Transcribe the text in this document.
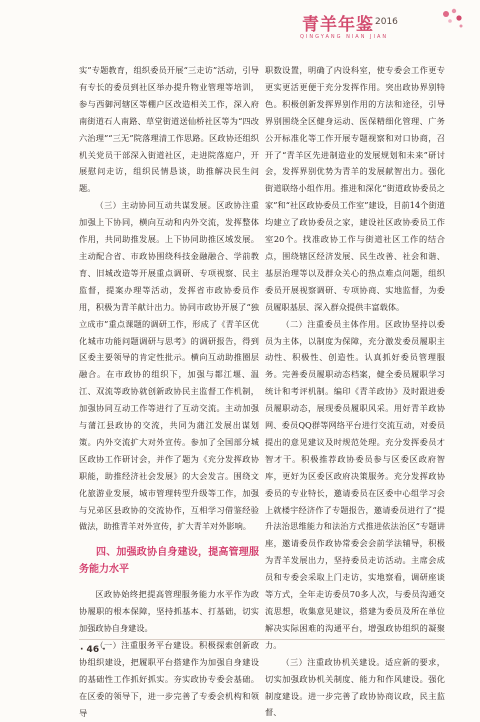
青羊年鉴 2016
QINGYANG NIAN JIAN

实”专题教育，组织委员开展“三走访”活动，引导有专长的委员到社区举办提升物业管理等培训，参与西御河辖区等棚户区改造相关工作，深入府南街道石人南路、草堂街道送仙桥社区等为“四改六治理”“三无”院落理清工作思路。区政协还组织机关党员干部深入街道社区，走进院落庭户，开展慰问走访，组织民情恳谈，助推解决民生问题。

（三）主动协同互动共谋发展。区政协注重加强上下协同，横向互动和内外交流，发挥整体作用，共同助推发展。上下协同助推区域发展。主动配合省、市政协围绕科技金融融合、学前教育、旧城改造等开展重点调研、专项视察、民主监督，提案办理等活动，发挥省市政协委员作用，积极为青羊献计出力。协同市政协开展了“独立成市”重点课题的调研工作，形成了《青羊区优化城市功能问题调研与思考》的调研报告，得到区委主要领导的肯定性批示。横向互动助推圈层融合。在市政协的组织下，加强与都江堰、温江、双流等政协就创新政协民主监督工作机制，加强协同互动工作等进行了互动交流。主动加强与蒲江县政协的交流，共同为蒲江发展出谋划策。内外交流扩大对外宣传。参加了全国部分城区政协工作研讨会，并作了题为《充分发挥政协职能，助推经济社会发展》的大会发言。围绕文化旅游业发展，城市管理转型升级等工作，加强与兄弟区县政协的交流协作，互相学习借鉴经验做法，助推青羊对外宣传，扩大青羊对外影响。

四、加强政协自身建设，提高管理服务能力水平

区政协始终把提高管理服务能力水平作为政协履职的根本保障，坚持抓基本、打基础，切实加强政协自身建设。

（一）注重服务平台建设。积极探索创新政协组织建设，把履职平台搭建作为加强自身建设的基础性工作抓好抓实。夯实政协专委会基础。在区委的领导下，进一步完善了专委会机构和领导

职数设置，明确了内设科室，使专委会工作更专更实更活更便于充分发挥作用。突出政协界别特色。积极创新发挥界别作用的方法和途径，引导界别围绕全区健身运动、医保精细化管理、广务公开标准化等工作开展专题视察和对口协商，召开了“青羊区先进制造业的发展规划和未来”研讨会，发挥界别优势为青羊的发展献智出力。强化街道联络小组作用。推进和深化“街道政协委员之家”和“社区政协委员工作室”建设，目前14个街道均建立了政协委员之家，建设社区政协委员工作室20个。找准政协工作与街道社区工作的结合点，围绕辖区经济发展、民生改善、社会和谐、基层治理等以及群众关心的热点难点问题，组织委员开展视察调研、专项协商、实地监督，为委员履职基层、深入群众提供丰富载体。

（二）注重委员主体作用。区政协坚持以委员为主体，以制度为保障，充分激发委员履职主动性、积极性、创造性。认真抓好委员管理服务。完善委员履职动态档案，健全委员履职学习统计和考评机制。编印《青羊政协》及时跟进委员履职动态，展现委员履职风采。用好青羊政协网、委员QQ群等网络平台进行交流互动，对委员提出的意见建议及时规范处理。充分发挥委员才智才干。积极推荐政协委员参与区委区政府智库，更好为区委区政府决策服务。充分发挥政协委员的专业特长，邀请委员在区委中心组学习会上就楼宇经济作了专题报告，邀请委员进行了“提升法治思维能力和法治方式推进依法治区”专题讲座，邀请委员作政协常委会会前学法辅导，积极为青羊发展出力，坚持委员走访活动。主席会成员和专委会采取上门走访，实地察看，调研座谈等方式，全年走访委员70多人次，与委员沟通交流思想，收集意见建议，搭建为委员及所在单位解决实际困难的沟通平台，增强政协组织的凝聚力。

（三）注重政协机关建设。适应新的要求，切实加强政协机关制度、能力和作风建设。强化制度建设。进一步完善了政协协商议政，民主监督、

· 46 ·
